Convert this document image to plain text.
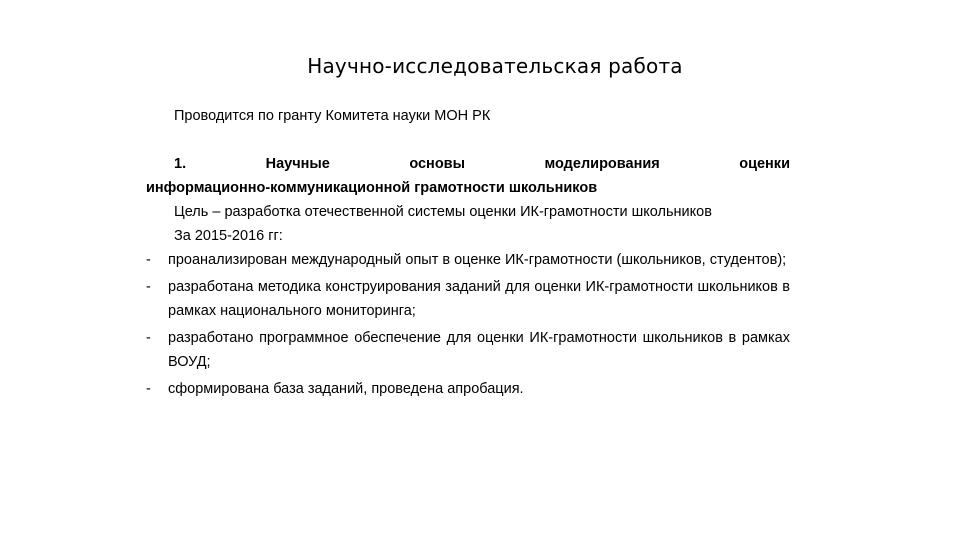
Научно-исследовательская работа

Проводится по гранту Комитета науки МОН РК

1.	Научные	основы	моделирования	оценки
информационно-коммуникационной грамотности школьников

Цель – разработка отечественной системы оценки ИК-грамотности школьников

За 2015-2016 гг:

- проанализирован международный опыт в оценке ИК-грамотности (школьников, студентов);
- разработана методика конструирования заданий для оценки ИК-грамотности школьников в рамках национального мониторинга;
- разработано программное обеспечение для оценки ИК-грамотности школьников в рамках ВОУД;
- сформирована база заданий, проведена апробация.
